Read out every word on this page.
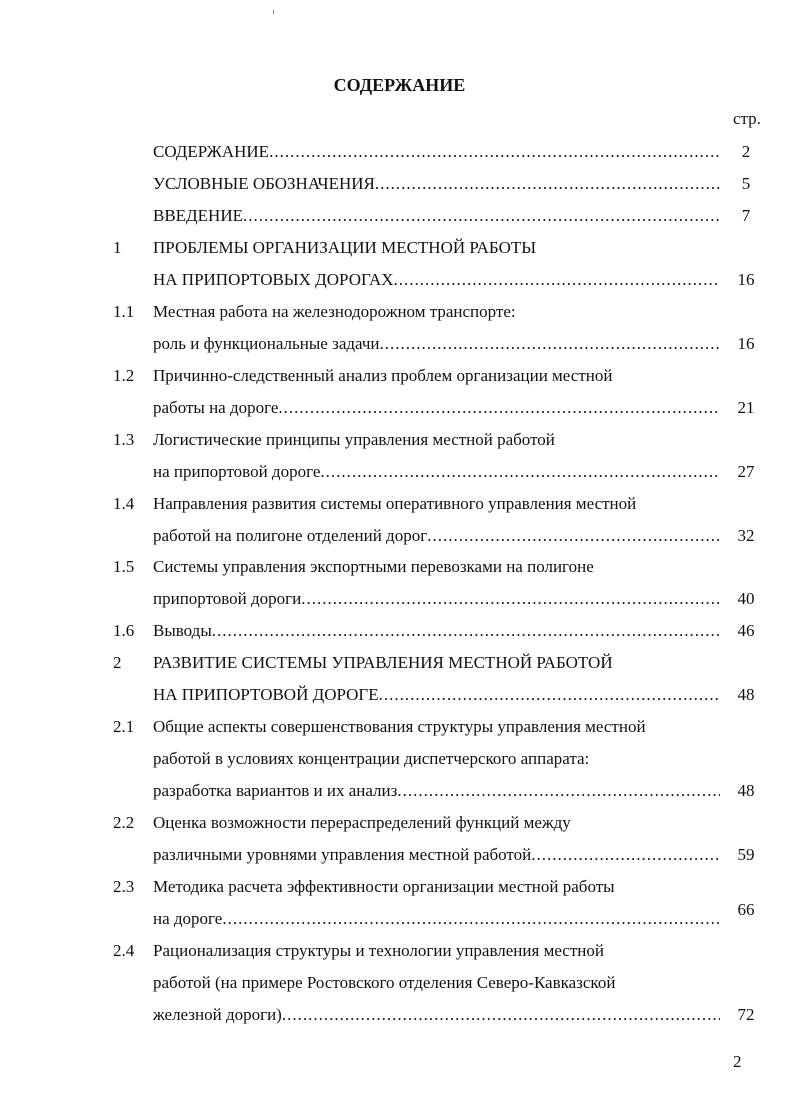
СОДЕРЖАНИЕ
стр.
СОДЕРЖАНИЕ .....	2
УСЛОВНЫЕ ОБОЗНАЧЕНИЯ .....	5
ВВЕДЕНИЕ .....	7
1 ПРОБЛЕМЫ ОРГАНИЗАЦИИ МЕСТНОЙ РАБОТЫ
НА ПРИПОРТОВЫХ ДОРОГАХ .....	16
1.1 Местная работа на железнодорожном транспорте:
роль и функциональные задачи .....	16
1.2 Причинно-следственный анализ проблем организации местной
работы на дороге .....	21
1.3 Логистические принципы управления местной работой
на припортовой дороге .....	27
1.4 Направления развития системы оперативного управления местной
работой на полигоне отделений дорог .....	32
1.5 Системы управления экспортными перевозками на полигоне
припортовой дороги .....	40
1.6 Выводы .....	46
2 РАЗВИТИЕ СИСТЕМЫ УПРАВЛЕНИЯ МЕСТНОЙ РАБОТОЙ
НА ПРИПОРТОВОЙ ДОРОГЕ .....	48
2.1 Общие аспекты совершенствования структуры управления местной
работой в условиях концентрации диспетчерского аппарата:
разработка вариантов и их анализ .....	48
2.2 Оценка возможности перераспределений функций между
различными уровнями управления местной работой .....	59
2.3 Методика расчета эффективности организации местной работы
на дороге .....	66
2.4 Рационализация структуры и технологии управления местной
работой (на примере Ростовского отделения Северо-Кавказской
железной дороги) .....	72
2
